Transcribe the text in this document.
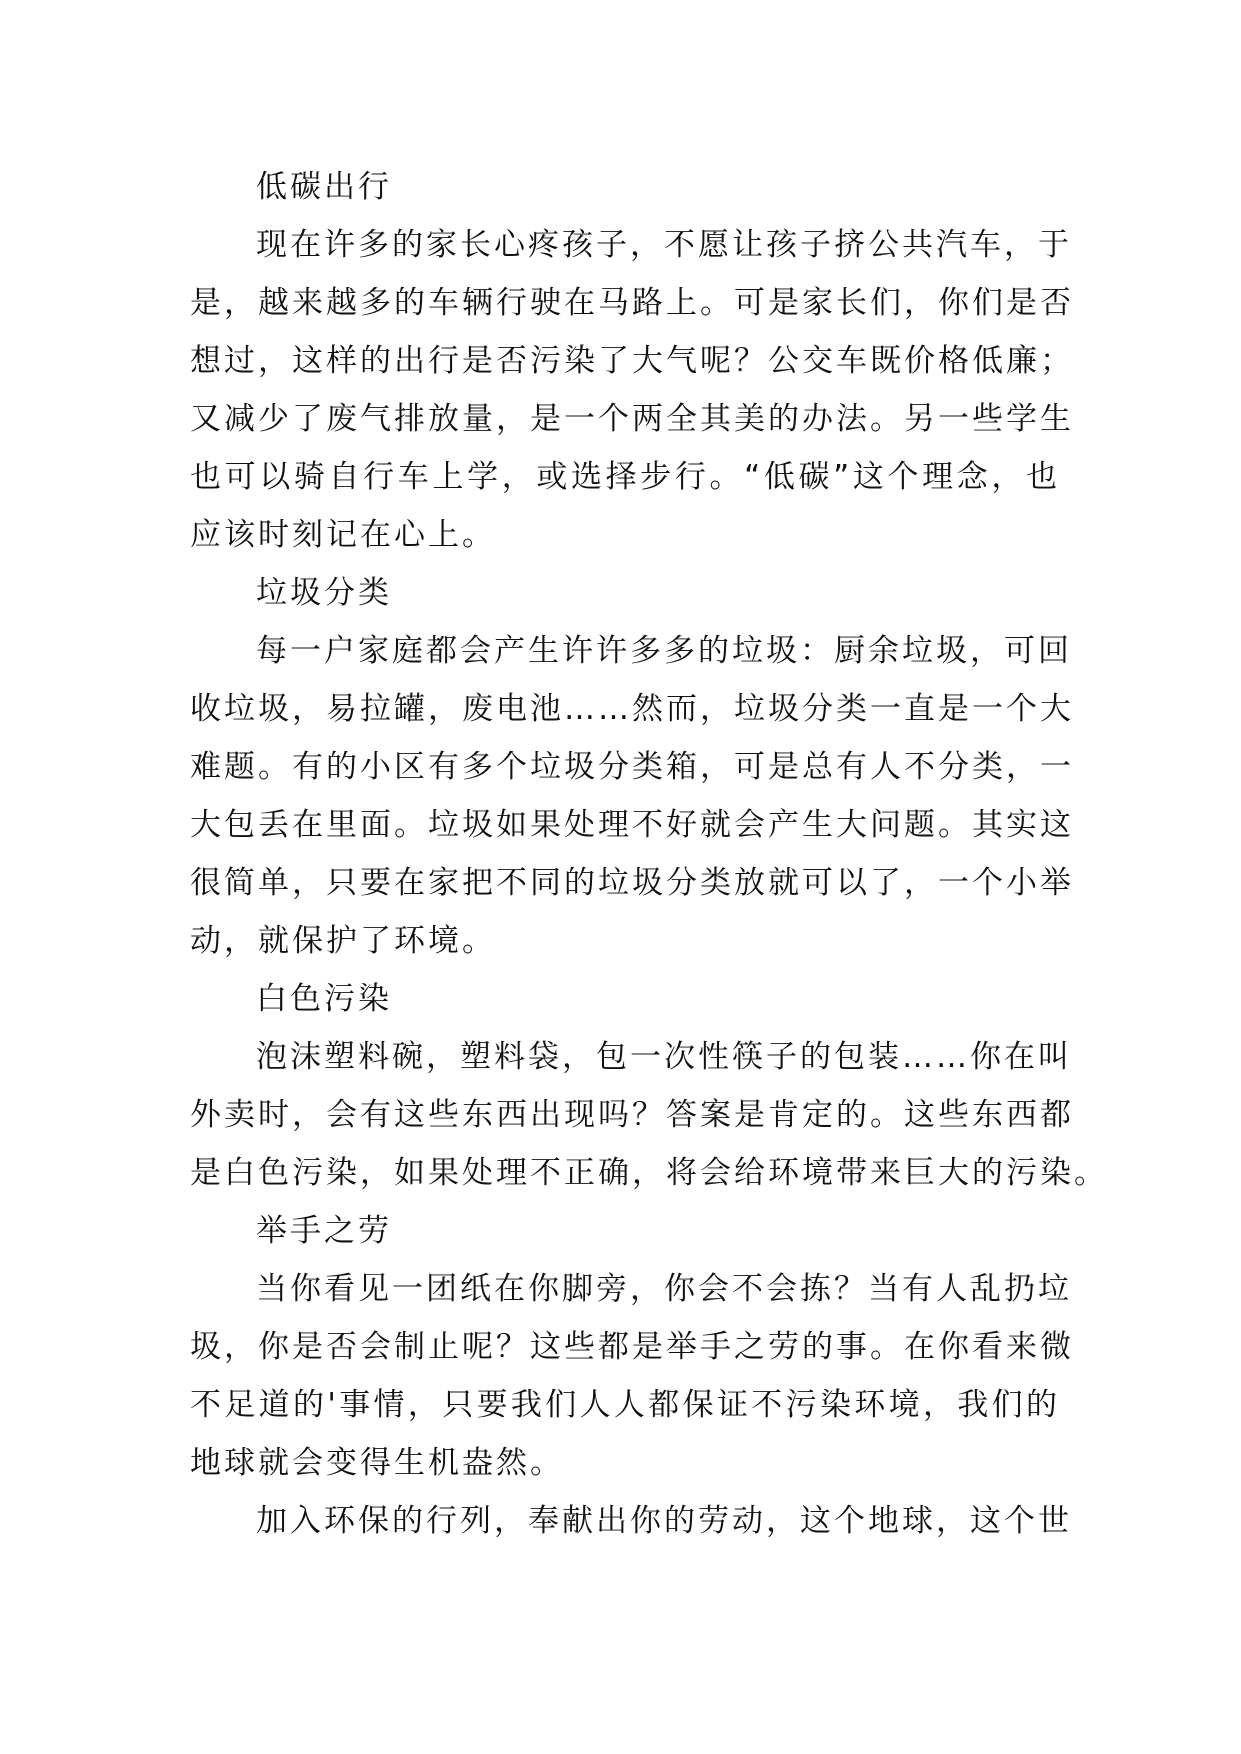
低碳出行
现在许多的家长心疼孩子，不愿让孩子挤公共汽车，于
是，越来越多的车辆行驶在马路上。可是家长们，你们是否
想过，这样的出行是否污染了大气呢？公交车既价格低廉；
又减少了废气排放量，是一个两全其美的办法。另一些学生
也可以骑自行车上学，或选择步行。“低碳”这个理念，也
应该时刻记在心上。
垃圾分类
每一户家庭都会产生许许多多的垃圾：厨余垃圾，可回
收垃圾，易拉罐，废电池……然而，垃圾分类一直是一个大
难题。有的小区有多个垃圾分类箱，可是总有人不分类，一
大包丢在里面。垃圾如果处理不好就会产生大问题。其实这
很简单，只要在家把不同的垃圾分类放就可以了，一个小举
动，就保护了环境。
白色污染
泡沫塑料碗，塑料袋，包一次性筷子的包装……你在叫
外卖时，会有这些东西出现吗？答案是肯定的。这些东西都
是白色污染，如果处理不正确，将会给环境带来巨大的污染。
举手之劳
当你看见一团纸在你脚旁，你会不会拣？当有人乱扔垃
圾，你是否会制止呢？这些都是举手之劳的事。在你看来微
不足道的'事情，只要我们人人都保证不污染环境，我们的
地球就会变得生机盎然。
加入环保的行列，奉献出你的劳动，这个地球，这个世
